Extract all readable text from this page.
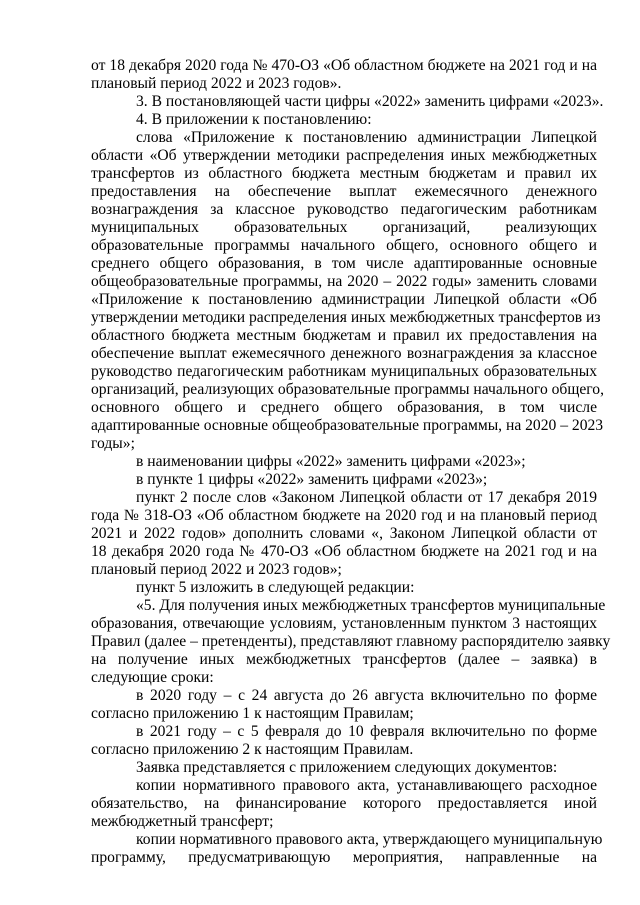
от 18 декабря 2020 года № 470-ОЗ «Об областном бюджете на 2021 год и на
плановый период 2022 и 2023 годов».
3. В постановляющей части цифры «2022» заменить цифрами «2023».
4. В приложении к постановлению:
слова «Приложение к постановлению администрации Липецкой
области «Об утверждении методики распределения иных межбюджетных
трансфертов из областного бюджета местным бюджетам и правил их
предоставления на обеспечение выплат ежемесячного денежного
вознаграждения за классное руководство педагогическим работникам
муниципальных образовательных организаций, реализующих
образовательные программы начального общего, основного общего и
среднего общего образования, в том числе адаптированные основные
общеобразовательные программы, на 2020 – 2022 годы» заменить словами
«Приложение к постановлению администрации Липецкой области «Об
утверждении методики распределения иных межбюджетных трансфертов из
областного бюджета местным бюджетам и правил их предоставления на
обеспечение выплат ежемесячного денежного вознаграждения за классное
руководство педагогическим работникам муниципальных образовательных
организаций, реализующих образовательные программы начального общего,
основного общего и среднего общего образования, в том числе
адаптированные основные общеобразовательные программы, на 2020 – 2023
годы»;
в наименовании цифры «2022» заменить цифрами «2023»;
в пункте 1 цифры «2022» заменить цифрами «2023»;
пункт 2 после слов «Законом Липецкой области от 17 декабря 2019
года № 318-ОЗ «Об областном бюджете на 2020 год и на плановый период
2021 и 2022 годов» дополнить словами «, Законом Липецкой области от
18 декабря 2020 года № 470-ОЗ «Об областном бюджете на 2021 год и на
плановый период 2022 и 2023 годов»;
пункт 5 изложить в следующей редакции:
«5. Для получения иных межбюджетных трансфертов муниципальные
образования, отвечающие условиям, установленным пунктом 3 настоящих
Правил (далее – претенденты), представляют главному распорядителю заявку
на получение иных межбюджетных трансфертов (далее – заявка) в
следующие сроки:
в 2020 году – с 24 августа до 26 августа включительно по форме
согласно приложению 1 к настоящим Правилам;
в 2021 году – с 5 февраля до 10 февраля включительно по форме
согласно приложению 2 к настоящим Правилам.
Заявка представляется с приложением следующих документов:
копии нормативного правового акта, устанавливающего расходное
обязательство, на финансирование которого предоставляется иной
межбюджетный трансферт;
копии нормативного правового акта, утверждающего муниципальную
программу, предусматривающую мероприятия, направленные на
